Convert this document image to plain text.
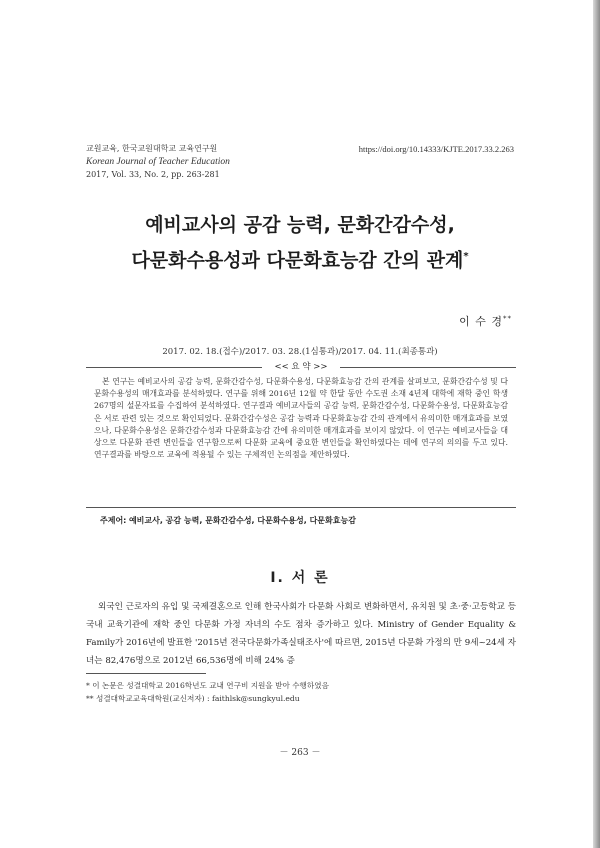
교원교육, 한국교원대학교 교육연구원
Korean Journal of Teacher Education
2017, Vol. 33, No. 2, pp. 263-281
https://doi.org/10.14333/KJTE.2017.33.2.263
예비교사의 공감 능력, 문화간감수성,
다문화수용성과 다문화효능감 간의 관계*
이 수 경**
2017. 02. 18.(접수)/2017. 03. 28.(1심통과)/2017. 04. 11.(최종통과)
<< 요 약 >>
본 연구는 예비교사의 공감 능력, 문화간감수성, 다문화수용성, 다문화효능감 간의 관계를 살펴보고, 문화간감수성 및 다문화수용성의 매개효과를 분석하였다. 연구를 위해 2016년 12월 약 한달 동안 수도권 소재 4년제 대학에 재학 중인 학생 267명의 설문자료를 수집하여 분석하였다. 연구결과 예비교사들의 공감 능력, 문화간감수성, 다문화수용성, 다문화효능감은 서로 관련 있는 것으로 확인되었다. 문화간감수성은 공감 능력과 다문화효능감 간의 관계에서 유의미한 매개효과를 보였으나, 다문화수용성은 문화간감수성과 다문화효능감 간에 유의미한 매개효과를 보이지 않았다. 이 연구는 예비교사들을 대상으로 다문화 관련 변인들을 연구함으로써 다문화 교육에 중요한 변인들을 확인하였다는 데에 연구의 의의를 두고 있다. 연구결과를 바탕으로 교육에 적용될 수 있는 구체적인 논의점을 제안하였다.
주제어: 예비교사, 공감 능력, 문화간감수성, 다문화수용성, 다문화효능감
Ⅰ. 서 론

외국인 근로자의 유입 및 국제결혼으로 인해 한국사회가 다문화 사회로 변화하면서, 유치원 및 초·중·고등학교 등 국내 교육기관에 재학 중인 다문화 가정 자녀의 수도 점차 증가하고 있다. Ministry of Gender Equality & Family가 2016년에 발표한 '2015년 전국다문화가족실태조사'에 따르면, 2015년 다문화 가정의 만 9세~24세 자녀는 82,476명으로 2012년 66,536명에 비해 24% 증

* 이 논문은 성결대학교 2016학년도 교내 연구비 지원을 받아 수행하였음
** 성결대학교교육대학원(교신저자) : faithlsk@sungkyul.edu
－ 263 －
